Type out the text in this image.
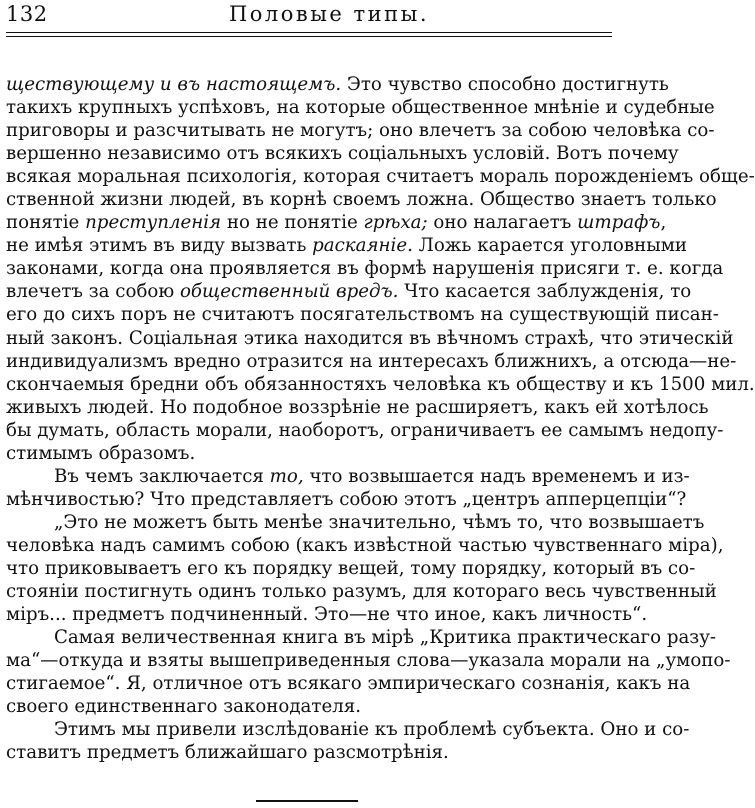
132	Половые типы.
ществующему и въ настоящемъ. Это чувство способно достигнуть
такихъ крупныхъ успѣховъ, на которые общественное мнѣніе и судебные
приговоры и разсчитывать не могутъ; оно влечетъ за собою человѣка со-
вершенно независимо отъ всякихъ соціальныхъ условій. Вотъ почему
всякая моральная психологія, которая считаетъ мораль порожденіемъ обще-
ственной жизни людей, въ корнѣ своемъ ложна. Общество знаетъ только
понятіе преступленія но не понятіе грѣха; оно налагаетъ штрафъ,
не имѣя этимъ въ виду вызвать раскаяніе. Ложь карается уголовными
законами, когда она проявляется въ формѣ нарушенія присяги т. е. когда
влечетъ за собою общественный вредъ. Что касается заблужденія, то
его до сихъ поръ не считаютъ посягательствомъ на существующій писан-
ный законъ. Соціальная этика находится въ вѣчномъ страхѣ, что этическій
индивидуализмъ вредно отразится на интересахъ ближнихъ, а отсюда—не-
скончаемыя бредни объ обязанностяхъ человѣка къ обществу и къ 1500 мил.
живыхъ людей. Но подобное воззрѣніе не расширяетъ, какъ ей хотѣлось
бы думать, область морали, наоборотъ, ограничиваетъ ее самымъ недопу-
стимымъ образомъ.
Въ чемъ заключается то, что возвышается надъ временемъ и из-
мѣнчивостью? Что представляетъ собою этотъ „центръ апперцепціи“?
„Это не можетъ быть менѣе значительно, чѣмъ то, что возвышаетъ
человѣка надъ самимъ собою (какъ извѣстной частью чувственнаго міра),
что приковываетъ его къ порядку вещей, тому порядку, который въ со-
стояніи постигнуть одинъ только разумъ, для котораго весь чувственный
міръ... предметъ подчиненный. Это—не что иное, какъ личность“.
Самая величественная книга въ мірѣ „Критика практическаго разу-
ма“—откуда и взяты вышеприведенныя слова—указала морали на „умопо-
стигаемое“. Я, отличное отъ всякаго эмпирическаго сознанія, какъ на
своего единственнаго законодателя.
Этимъ мы привели изслѣдованіе къ проблемѣ субъекта. Оно и со-
ставитъ предметъ ближайшаго разсмотрѣнія.
